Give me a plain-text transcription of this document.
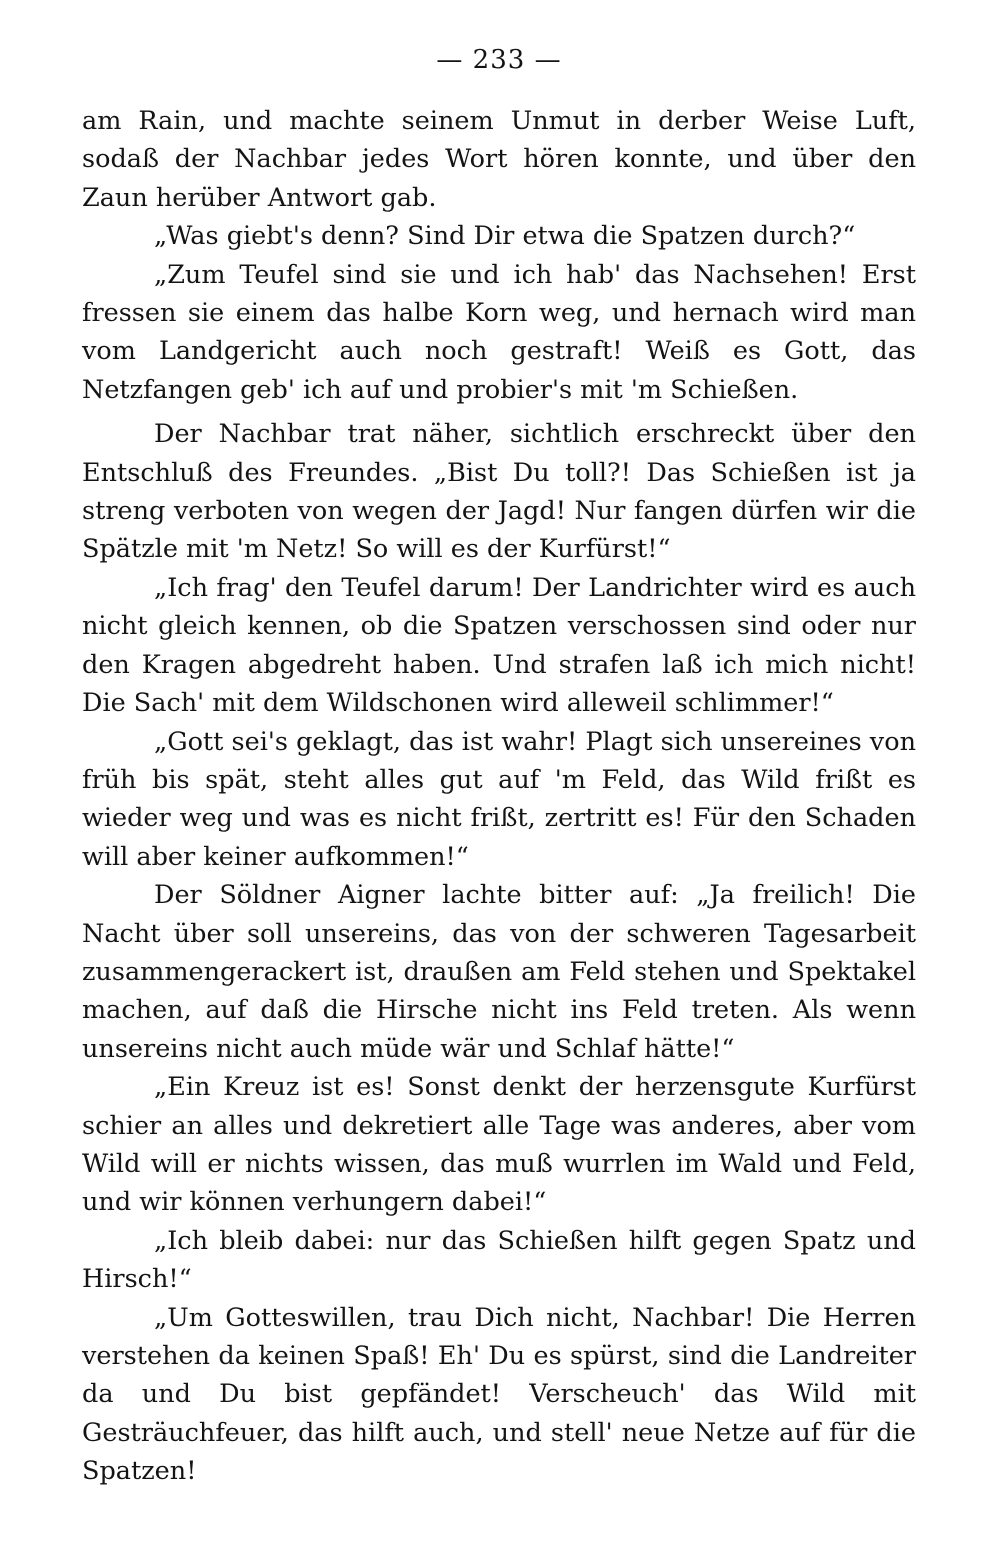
— 233 —

am Rain, und machte seinem Unmut in derber Weise Luft, sodaß der Nachbar jedes Wort hören konnte, und über den Zaun herüber Antwort gab.

„Was giebt's denn? Sind Dir etwa die Spatzen durch?“

„Zum Teufel sind sie und ich hab' das Nachsehen! Erst fressen sie einem das halbe Korn weg, und hernach wird man vom Landgericht auch noch gestraft! Weiß es Gott, das Netzfangen geb' ich auf und probier's mit 'm Schießen.

Der Nachbar trat näher, sichtlich erschreckt über den Entschluß des Freundes. „Bist Du toll?! Das Schießen ist ja streng verboten von wegen der Jagd! Nur fangen dürfen wir die Spätzle mit 'm Netz! So will es der Kurfürst!“

„Ich frag' den Teufel darum! Der Landrichter wird es auch nicht gleich kennen, ob die Spatzen verschossen sind oder nur den Kragen abgedreht haben. Und strafen laß ich mich nicht! Die Sach' mit dem Wildschonen wird alleweil schlimmer!“

„Gott sei's geklagt, das ist wahr! Plagt sich unsereines von früh bis spät, steht alles gut auf 'm Feld, das Wild frißt es wieder weg und was es nicht frißt, zertritt es! Für den Schaden will aber keiner aufkommen!“

Der Söldner Aigner lachte bitter auf: „Ja freilich! Die Nacht über soll unsereins, das von der schweren Tagesarbeit zusammengerackert ist, draußen am Feld stehen und Spektakel machen, auf daß die Hirsche nicht ins Feld treten. Als wenn unsereins nicht auch müde wär und Schlaf hätte!“

„Ein Kreuz ist es! Sonst denkt der herzensgute Kurfürst schier an alles und dekretiert alle Tage was anderes, aber vom Wild will er nichts wissen, das muß wurrlen im Wald und Feld, und wir können verhungern dabei!“

„Ich bleib dabei: nur das Schießen hilft gegen Spatz und Hirsch!“

„Um Gotteswillen, trau Dich nicht, Nachbar! Die Herren verstehen da keinen Spaß! Eh' Du es spürst, sind die Landreiter da und Du bist gepfändet! Verscheuch' das Wild mit Gesträuchfeuer, das hilft auch, und stell' neue Netze auf für die Spatzen!
